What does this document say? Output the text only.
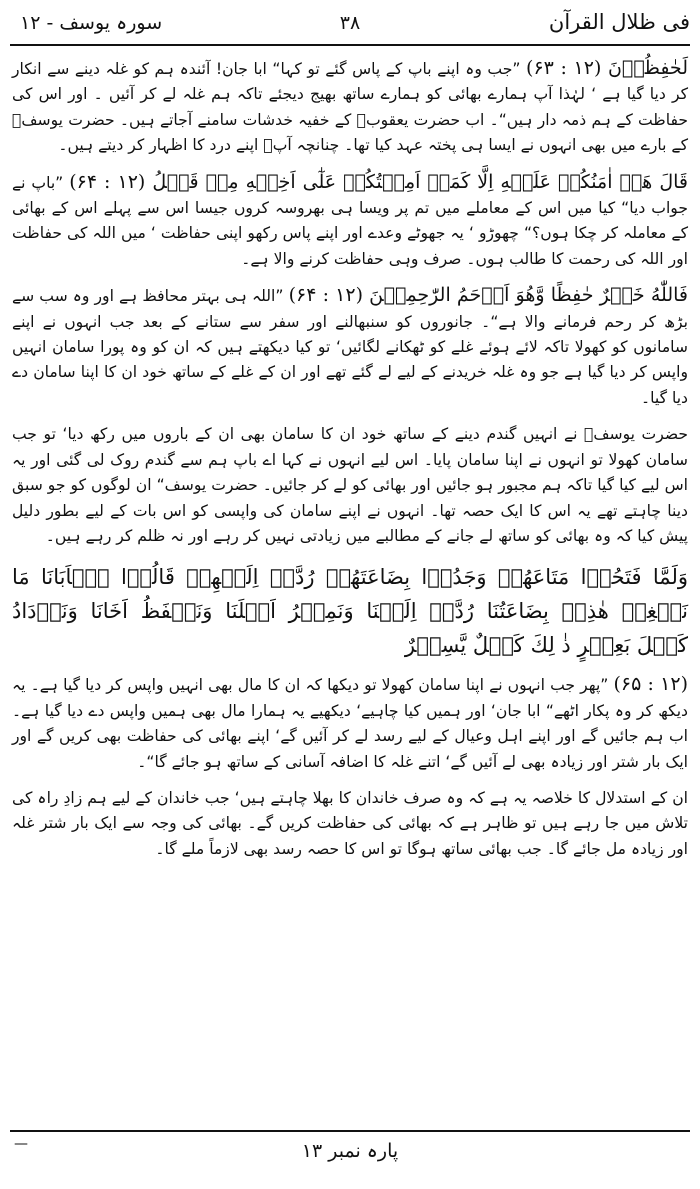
سورہ یوسف - ۱۲	۳۸	فی ظلال القرآن

لَحٰفِظُوۡنَ (۱۲ : ۶۳) ”جب وہ اپنے باپ کے پاس گئے تو کہا“ ابا جان! آئندہ ہم کو غلہ دینے سے انکار کر دیا گیا ہے ‘ لہٰذا آپ ہمارے بھائی کو ہمارے ساتھ بھیج دیجئے تاکہ ہم غلہ لے کر آئیں ۔ اور اس کی حفاظت کے ہم ذمہ دار ہیں“۔ اب حضرت یعقوبؑ کے خفیہ خدشات سامنے آجاتے ہیں۔ حضرت یوسفؑ کے بارے میں بھی انہوں نے ایسا ہی پختہ عہد کیا تھا۔ چنانچہ آپؑ اپنے درد کا اظہار کر دیتے ہیں۔

قَالَ هَلۡ اٰمَنُكُمۡ عَلَيۡهِ اِلَّا كَمَاۤ اَمِنۡتُكُمۡ عَلٰٓى اَخِيۡهِ مِنۡ قَبۡلُ (۱۲ : ۶۴) ”باپ نے جواب دیا“ کیا میں اس کے معاملے میں تم پر ویسا ہی بھروسہ کروں جیسا اس سے پہلے اس کے بھائی کے معاملہ کر چکا ہوں؟“ چھوڑو ‘ یہ جھوٹے وعدے اور اپنے پاس رکھو اپنی حفاظت ‘ میں اللہ کی حفاظت اور اللہ کی رحمت کا طالب ہوں۔ صرف وہی حفاظت کرنے والا ہے۔

فَاللّٰهُ خَيۡرٌ حٰفِظًا وَّهُوَ اَرۡحَمُ الرّٰحِمِيۡنَ (۱۲ : ۶۴) ”اللہ ہی بہتر محافظ ہے اور وہ سب سے بڑھ کر رحم فرمانے والا ہے“۔ جانوروں کو سنبھالنے اور سفر سے ستانے کے بعد جب انہوں نے اپنے سامانوں کو کھولا تاکہ لائے ہوئے غلے کو ٹھکانے لگائیں‘ تو کیا دیکھتے ہیں کہ ان کو وہ پورا سامان انہیں واپس کر دیا گیا ہے جو وہ غلہ خریدنے کے لیے لے گئے تھے اور ان کے غلے کے ساتھ خود ان کا اپنا سامان دے دیا گیا۔

حضرت یوسفؑ نے انہیں گندم دینے کے ساتھ خود ان کا سامان بھی ان کے باروں میں رکھ دیا‘ تو جب سامان کھولا تو انہوں نے اپنا سامان پایا۔ اس لیے انہوں نے کہا اے باپ ہم سے گندم روک لی گئی اور یہ اس لیے کیا گیا تاکہ ہم مجبور ہو جائیں اور بھائی کو لے کر جائیں۔ حضرت یوسف“ ان لوگوں کو جو سبق دینا چاہتے تھے یہ اس کا ایک حصہ تھا۔ انہوں نے اپنے سامان کی واپسی کو اس بات کے لیے بطور دلیل پیش کیا کہ وہ بھائی کو ساتھ لے جانے کے مطالبے میں زیادتی نہیں کر رہے اور نہ ظلم کر رہے ہیں۔

وَلَمَّا فَتَحُوۡا مَتَاعَهُمۡ وَجَدُوۡا بِضَاعَتَهُمۡ رُدَّتۡ اِلَيۡهِمۡ قَالُوۡا يٰۤاَبَانَا مَا نَبۡغِىۡ هٰذِهٖ بِضَاعَتُنَا رُدَّتۡ اِلَيۡنَا وَنَمِيۡرُ اَهۡلَنَا وَنَحۡفَظُ اَخَانَا وَنَزۡدَادُ كَيۡلَ بَعِيۡرٍ ذٰ لِكَ كَيۡلٌ يَّسِيۡرٌ

(۱۲ : ۶۵) ”پھر جب انہوں نے اپنا سامان کھولا تو دیکھا کہ ان کا مال بھی انہیں واپس کر دیا گیا ہے۔ یہ دیکھ کر وہ پکار اٹھے“ ابا جان‘ اور ہمیں کیا چاہیے‘ دیکھیے یہ ہمارا مال بھی ہمیں واپس دے دیا گیا ہے۔ اب ہم جائیں گے اور اپنے اہل وعیال کے لیے رسد لے کر آئیں گے‘ اپنے بھائی کی حفاظت بھی کریں گے اور ایک بار شتر اور زیادہ بھی لے آئیں گے‘ اتنے غلہ کا اضافہ آسانی کے ساتھ ہو جائے گا“۔

ان کے استدلال کا خلاصہ یہ ہے کہ وہ صرف خاندان کا بھلا چاہتے ہیں‘ جب خاندان کے لیے ہم زادِ راہ کی تلاش میں جا رہے ہیں تو ظاہر ہے کہ بھائی کی حفاظت کریں گے۔ بھائی کی وجہ سے ایک بار شتر غلہ اور زیادہ مل جائے گا۔ جب بھائی ساتھ ہوگا تو اس کا حصہ رسد بھی لازماً ملے گا۔

—	پارہ نمبر ۱۳
